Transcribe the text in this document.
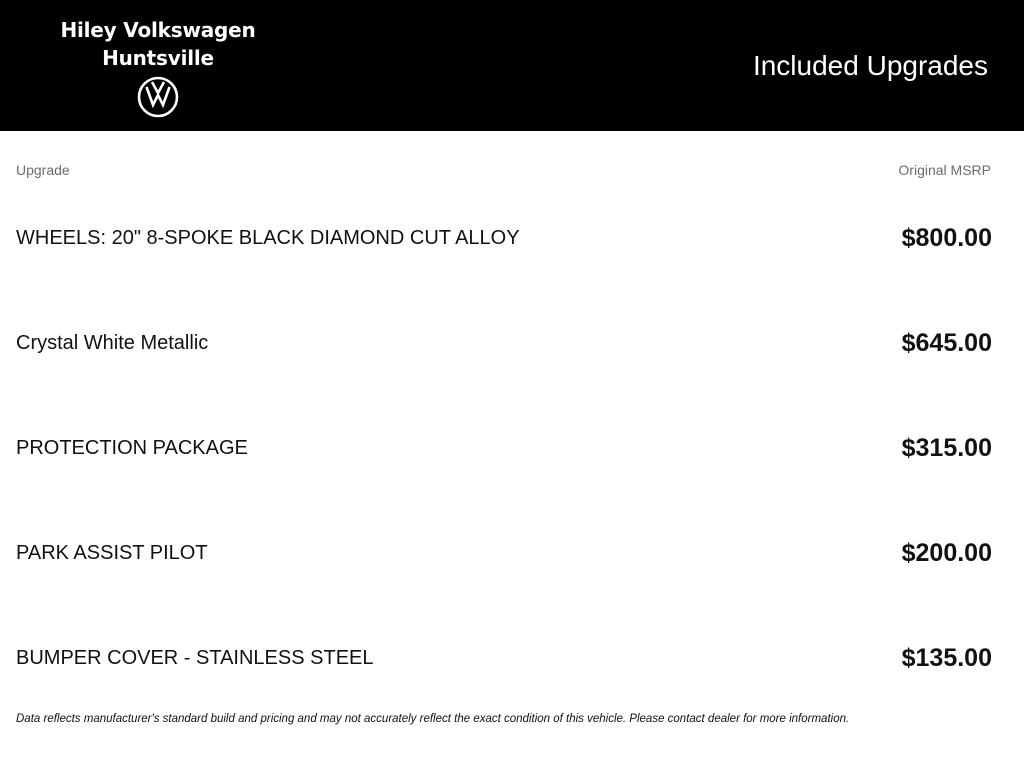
Hiley Volkswagen
Huntsville	Included Upgrades
Upgrade	Original MSRP
WHEELS: 20" 8-SPOKE BLACK DIAMOND CUT ALLOY	$800.00
Crystal White Metallic	$645.00
PROTECTION PACKAGE	$315.00
PARK ASSIST PILOT	$200.00
BUMPER COVER - STAINLESS STEEL	$135.00
Data reflects manufacturer's standard build and pricing and may not accurately reflect the exact condition of this vehicle. Please contact dealer for more information.
